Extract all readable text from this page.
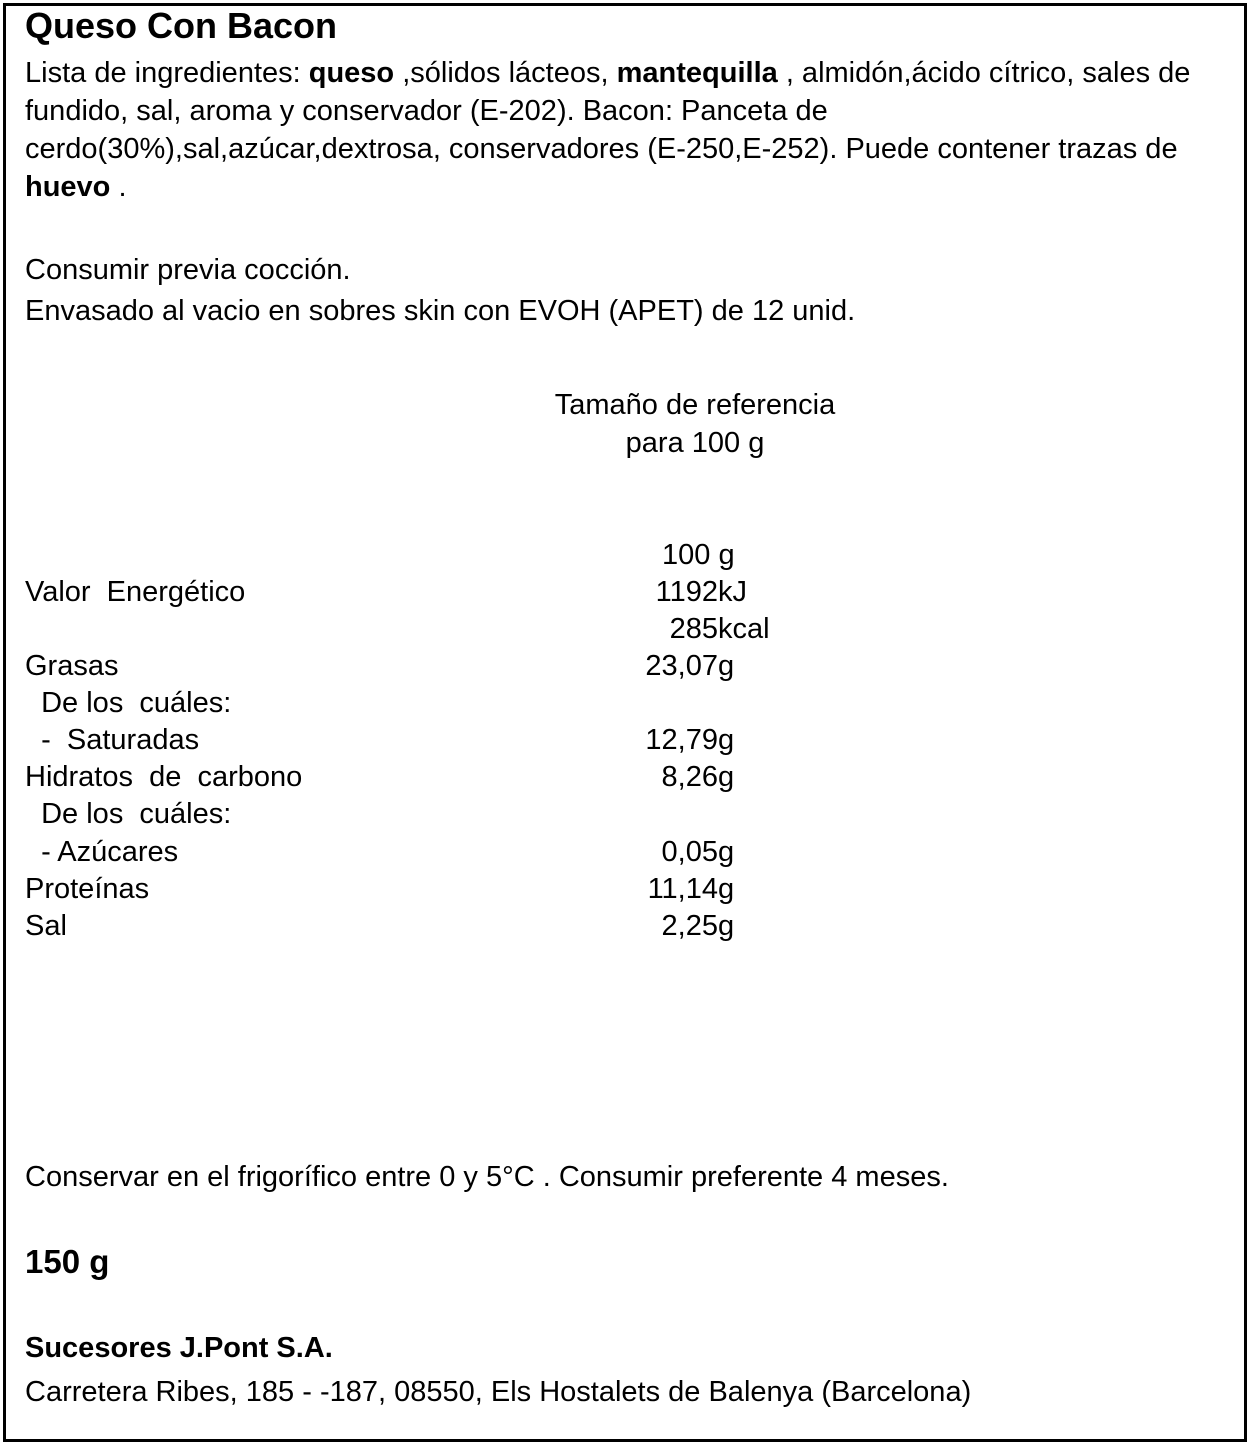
Queso Con Bacon
Lista de ingredientes: queso ,sólidos lácteos, mantequilla , almidón,ácido cítrico, sales de fundido, sal, aroma y conservador (E-202). Bacon: Panceta de cerdo(30%),sal,azúcar,dextrosa, conservadores (E-250,E-252). Puede contener trazas de huevo .
Consumir previa cocción.
Envasado al vacio en sobres skin con EVOH (APET) de 12 unid.
Tamaño de referencia
para 100 g
100 g
Valor  Energético	1192 kJ
285 kcal
Grasas	23,07 g
De los  cuáles:
-  Saturadas	12,79 g
Hidratos  de  carbono	8,26 g
De los  cuáles:
- Azúcares	0,05 g
Proteínas	11,14 g
Sal	2,25 g
Conservar en el frigorífico entre 0 y 5°C . Consumir preferente 4 meses.
150 g
Sucesores J.Pont S.A.
Carretera Ribes, 185 - -187, 08550, Els Hostalets de Balenya (Barcelona)
